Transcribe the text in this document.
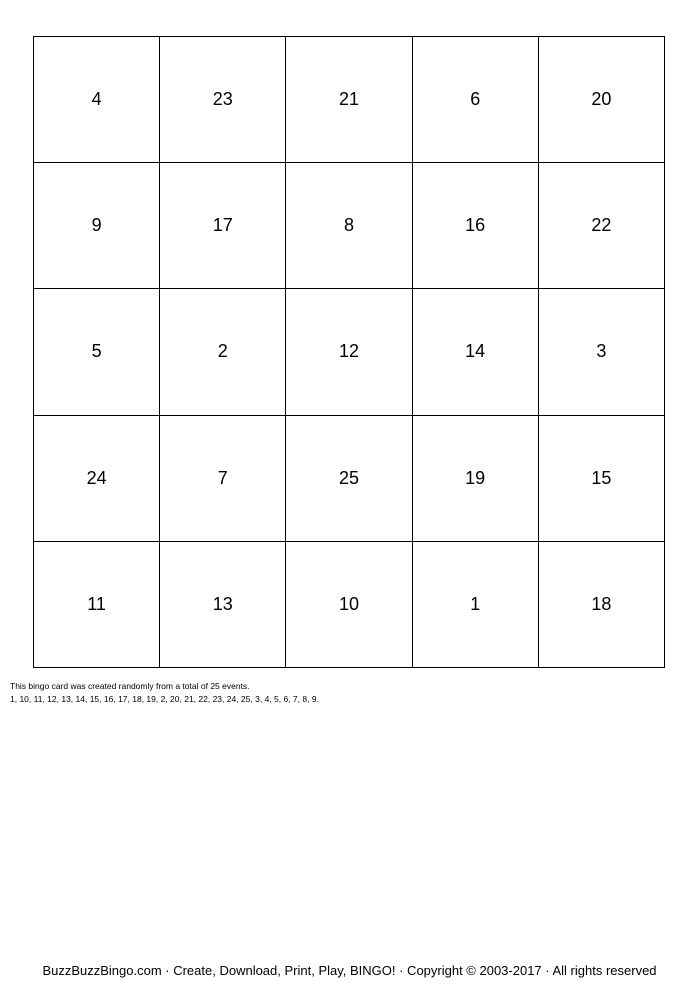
4	23	21	6	20
9	17	8	16	22
5	2	12	14	3
24	7	25	19	15
11	13	10	1	18
This bingo card was created randomly from a total of 25 events.
1, 10, 11, 12, 13, 14, 15, 16, 17, 18, 19, 2, 20, 21, 22, 23, 24, 25, 3, 4, 5, 6, 7, 8, 9.
BuzzBuzzBingo.com · Create, Download, Print, Play, BINGO! · Copyright © 2003-2017 · All rights reserved
